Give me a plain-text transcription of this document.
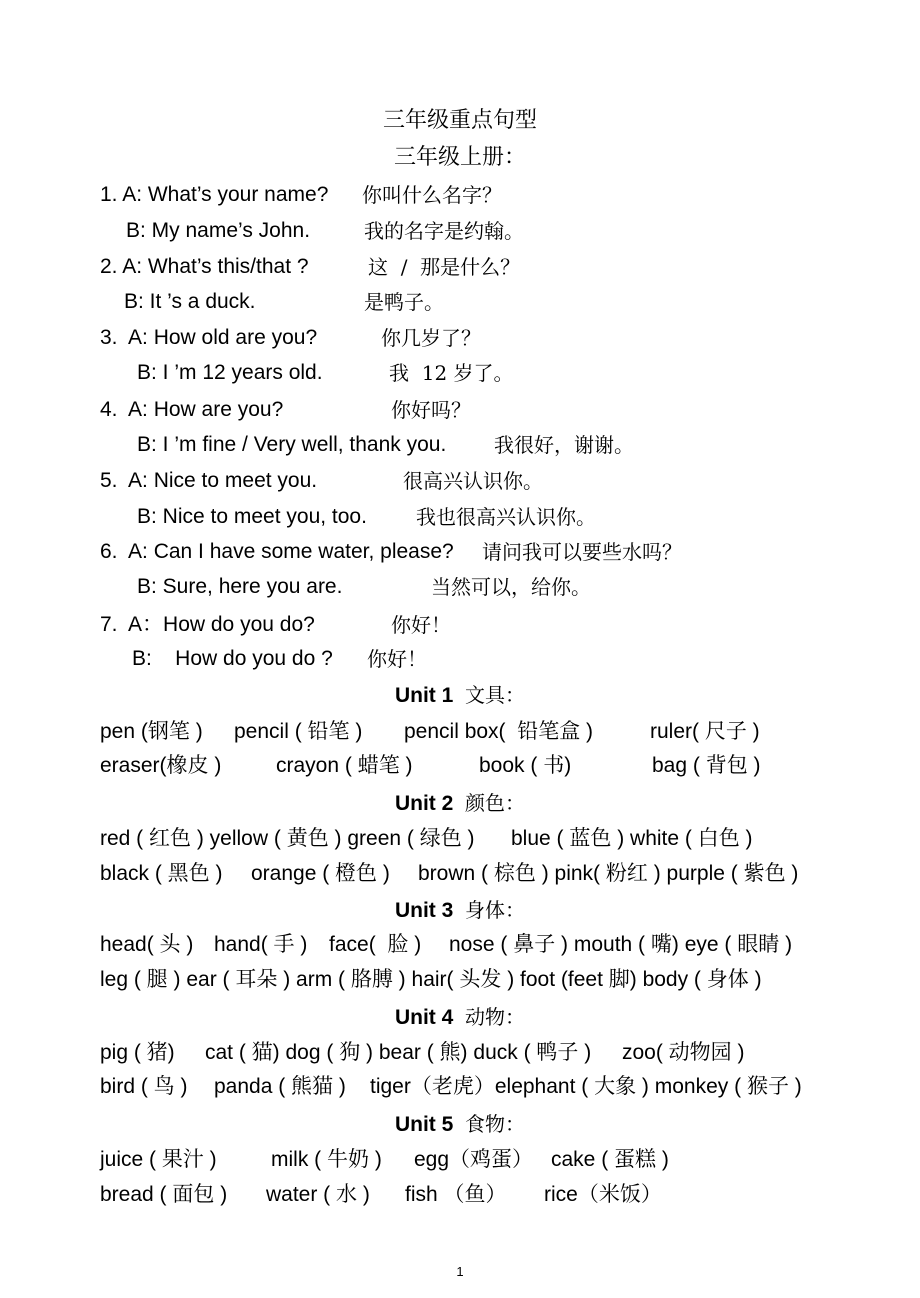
三年级重点句型
三年级上册：
1. A: What’s your name? 你叫什么名字？
B: My name’s John.	我的名字是约翰。
2. A: What’s this/that ?	这  /  那是什么？
B: It ’s a duck.	是鸭子。
3.  A: How old are you?	你几岁了？
B: I ’m 12 years old.	我  12 岁了。
4.  A: How are you?	你好吗？
B: I ’m fine / Very well, thank you. 我很好，谢谢。
5.  A: Nice to meet you.	很高兴认识你。
B: Nice to meet you, too. 我也很高兴认识你。
6.  A: Can I have some water, please? 请问我可以要些水吗？
B: Sure, here you are.	当然可以，给你。
7.  A：How do you do?	你好！
B:    How do you do ? 你好！
Unit 1 文具：
pen (钢笔 ) pencil ( 铅笔 ) pencil box(  铅笔盒 )	ruler( 尺子 )
eraser(橡皮 )	crayon ( 蜡笔 )	book ( 书)	bag ( 背包 )
Unit 2 颜色：
red ( 红色 ) yellow ( 黄色 ) green ( 绿色 ) blue ( 蓝色 ) white ( 白色 )
black ( 黑色 ) orange ( 橙色 ) brown ( 棕色 ) pink( 粉红 ) purple ( 紫色 )
Unit 3 身体：
head( 头 ) hand( 手 ) face(  脸 ) nose ( 鼻子 ) mouth ( 嘴) eye ( 眼睛 )
leg ( 腿 ) ear ( 耳朵 ) arm ( 胳膊 ) hair( 头发 ) foot (feet 脚) body ( 身体 )
Unit 4 动物：
pig ( 猪) cat ( 猫) dog ( 狗 ) bear ( 熊) duck ( 鸭子 ) zoo( 动物园 )
bird ( 鸟 ) panda ( 熊猫 ) tiger（老虎）elephant ( 大象 ) monkey ( 猴子 )
Unit 5 食物：
juice ( 果汁 )	milk ( 牛奶 ) egg（鸡蛋） cake ( 蛋糕 )
bread ( 面包 ) water ( 水 ) fish （鱼） rice（米饭）
1
